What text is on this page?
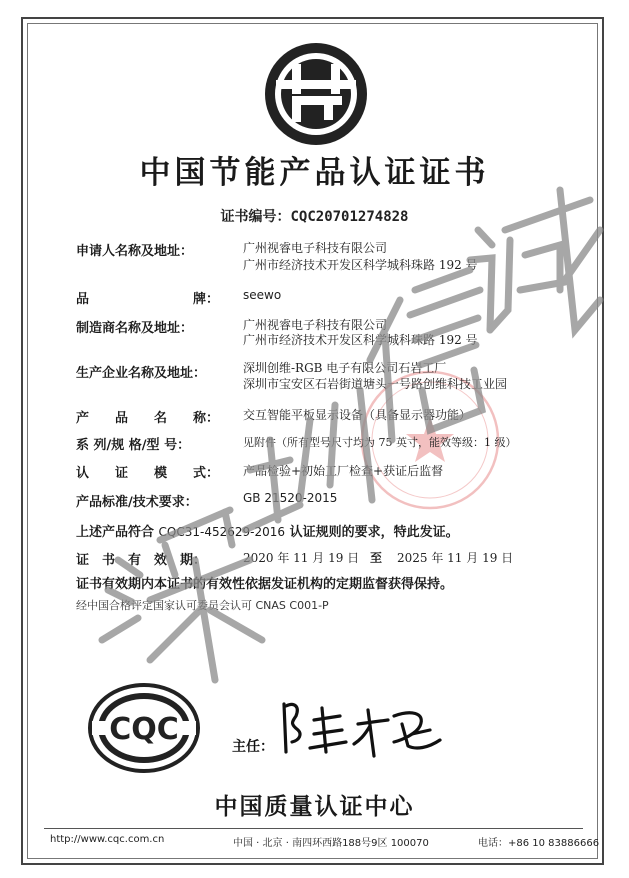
中国节能产品认证证书
证书编号：CQC20701274828
申请人名称及地址：	广州视睿电子科技有限公司
广州市经济技术开发区科学城科珠路 192 号
品　　　　　　　　牌： seewo
制造商名称及地址：	广州视睿电子科技有限公司
广州市经济技术开发区科学城科珠路 192 号
生产企业名称及地址：	深圳创维-RGB 电子有限公司石岩工厂
深圳市宝安区石岩街道塘头一号路创维科技工业园
产　　品　　名　　称： 交互智能平板显示设备（具备显示器功能）
系 列/规 格/型 号：	见附件（所有型号尺寸均为 75 英寸，能效等级：1 级）
认　　证　　模　　式： 产品检验+初始工厂检查+获证后监督
产品标准/技术要求：	GB 21520-2015
上述产品符合 CQC31-452629-2016 认证规则的要求，特此发证。
证　书　有　效　期：	2020 年 11 月 19 日 至 2025 年 11 月 19 日
证书有效期内本证书的有效性依据发证机构的定期监督获得保持。
经中国合格评定国家认可委员会认可 CNAS C001-P
CQC	主任：
中国质量认证中心
http://www.cqc.com.cn	中国 · 北京 · 南四环西路188号9区 100070	电话：+86 10 83886666
